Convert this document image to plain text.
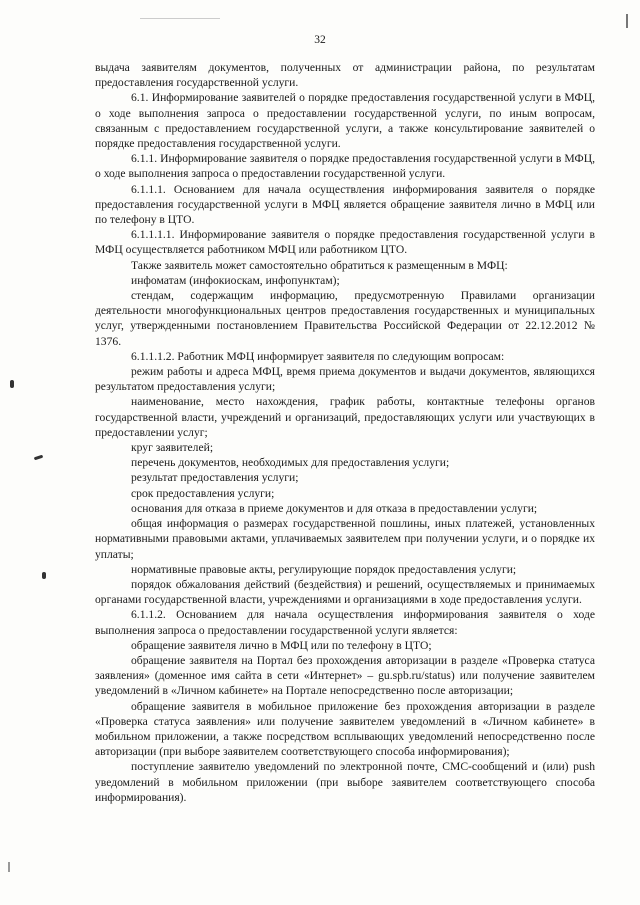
32

выдача заявителям документов, полученных от администрации района, по результатам предоставления государственной услуги.

6.1. Информирование заявителей о порядке предоставления государственной услуги в МФЦ, о ходе выполнения запроса о предоставлении государственной услуги, по иным вопросам, связанным с предоставлением государственной услуги, а также консультирование заявителей о порядке предоставления государственной услуги.

6.1.1. Информирование заявителя о порядке предоставления государственной услуги в МФЦ, о ходе выполнения запроса о предоставлении государственной услуги.

6.1.1.1. Основанием для начала осуществления информирования заявителя о порядке предоставления государственной услуги в МФЦ является обращение заявителя лично в МФЦ или по телефону в ЦТО.

6.1.1.1.1. Информирование заявителя о порядке предоставления государственной услуги в МФЦ осуществляется работником МФЦ или работником ЦТО.

Также заявитель может самостоятельно обратиться к размещенным в МФЦ:

инфоматам (инфокиоскам, инфопунктам);

стендам, содержащим информацию, предусмотренную Правилами организации деятельности многофункциональных центров предоставления государственных и муниципальных услуг, утвержденными постановлением Правительства Российской Федерации от 22.12.2012 № 1376.

6.1.1.1.2. Работник МФЦ информирует заявителя по следующим вопросам:

режим работы и адреса МФЦ, время приема документов и выдачи документов, являющихся результатом предоставления услуги;

наименование, место нахождения, график работы, контактные телефоны органов государственной власти, учреждений и организаций, предоставляющих услуги или участвующих в предоставлении услуг;

круг заявителей;

перечень документов, необходимых для предоставления услуги;

результат предоставления услуги;

срок предоставления услуги;

основания для отказа в приеме документов и для отказа в предоставлении услуги;

общая информация о размерах государственной пошлины, иных платежей, установленных нормативными правовыми актами, уплачиваемых заявителем при получении услуги, и о порядке их уплаты;

нормативные правовые акты, регулирующие порядок предоставления услуги;

порядок обжалования действий (бездействия) и решений, осуществляемых и принимаемых органами государственной власти, учреждениями и организациями в ходе предоставления услуги.

6.1.1.2. Основанием для начала осуществления информирования заявителя о ходе выполнения запроса о предоставлении государственной услуги является:

обращение заявителя лично в МФЦ или по телефону в ЦТО;

обращение заявителя на Портал без прохождения авторизации в разделе «Проверка статуса заявления» (доменное имя сайта в сети «Интернет» – gu.spb.ru/status) или получение заявителем уведомлений в «Личном кабинете» на Портале непосредственно после авторизации;

обращение заявителя в мобильное приложение без прохождения авторизации в разделе «Проверка статуса заявления» или получение заявителем уведомлений в «Личном кабинете» в мобильном приложении, а также посредством всплывающих уведомлений непосредственно после авторизации (при выборе заявителем соответствующего способа информирования);

поступление заявителю уведомлений по электронной почте, СМС-сообщений и (или) push уведомлений в мобильном приложении (при выборе заявителем соответствующего способа информирования).
